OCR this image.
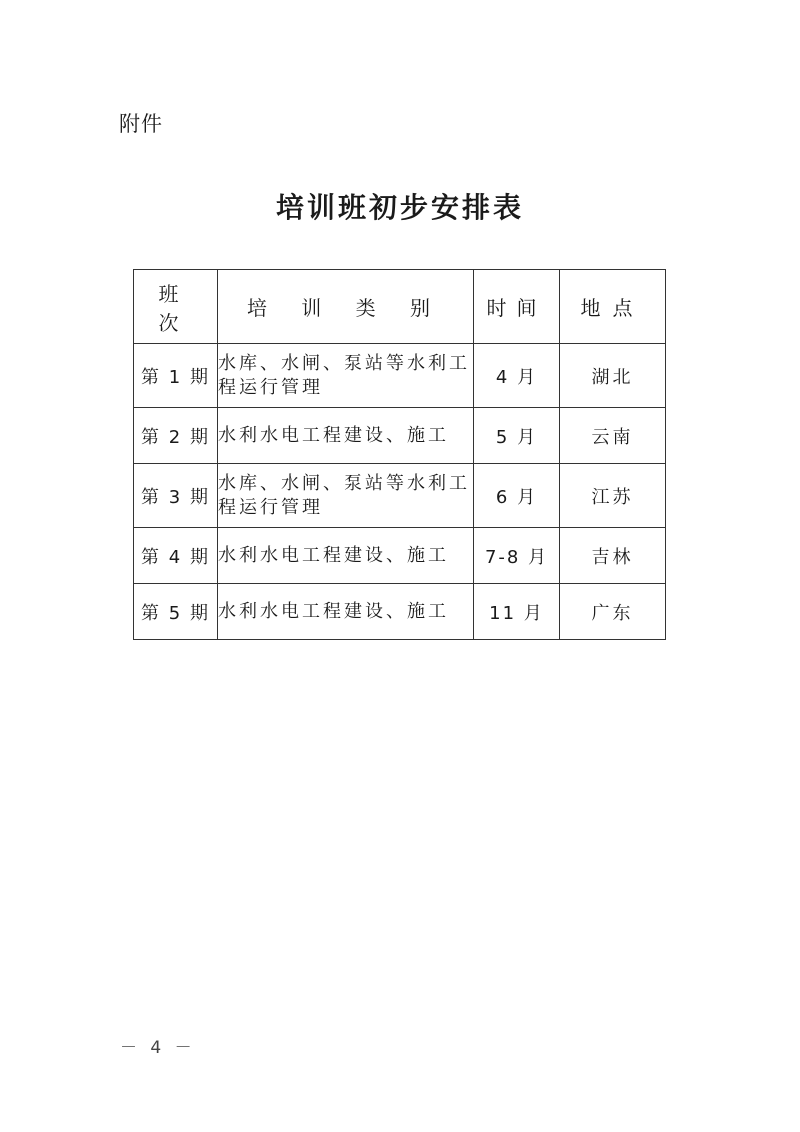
附件
培训班初步安排表
班 次	培 训 类 别	时间	地点
第 1 期	水库、水闸、泵站等水利工程运行管理	4 月	湖北
第 2 期	水利水电工程建设、施工	5 月	云南
第 3 期	水库、水闸、泵站等水利工程运行管理	6 月	江苏
第 4 期	水利水电工程建设、施工	7-8 月	吉林
第 5 期	水利水电工程建设、施工	11 月	广东
－ 4 －
